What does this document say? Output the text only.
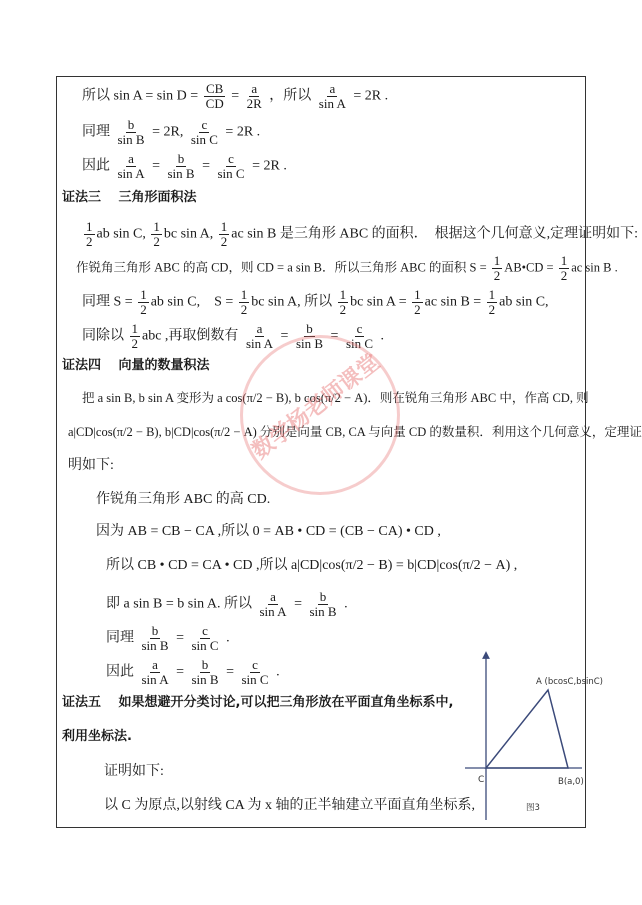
所以 $\sin A = \sin D = \frac{CB}{CD} = \frac{a}{2R}$ ，所以 $\frac{a}{\text{sin A}} = 2R$ .
同理 $\frac{b}{\text{sin B}} = 2R$, $\frac{c}{\text{sin C}} = 2R$ .
因此 $\frac{a}{\text{sin A}} = \frac{b}{\text{sin B}} = \frac{c}{\text{sin C}} = 2R$ .
证法三　 三角形面积法
$\frac{1}{2}$ ab sin C, $\frac{1}{2}$ bc sin A, $\frac{1}{2}$ ac sin B 是三角形 ABC 的面积．　根据这个几何意义,定理证明如下:
作锐角三角形 ABC 的高 CD，则 CD = a sin B．所以三角形 ABC 的面积 $S = \frac{1}{2}$ AB•CD = $\frac{1}{2}$ ac sin B .
同理 $S = \frac{1}{2}$ ab sin C,　$S = \frac{1}{2}$ bc sin A, 所以 $\frac{1}{2}$ bc $\sin A = \frac{1}{2}$ ac $\sin B = \frac{1}{2}$ ab sin C,
同除以 $\frac{1}{2}$ abc ,再取倒数有 $\frac{a}{\text{sin A}} = \frac{b}{\text{sin B}} = \frac{c}{\text{sin C}}$ .
证法四　 向量的数量积法
把 a sin B, b sin A 变形为 a cos(π/2 − B), b cos(π/2 − A)．则在锐角三角形 ABC 中，作高 CD, 则
a|CD|cos(π/2 − B), b|CD|cos(π/2 − A) 分别是向量 CB, CA 与向量 CD 的数量积．利用这个几何意义，定理证
明如下:
作锐角三角形 ABC 的高 CD.
因为 AB = CB − CA ,所以 0 = AB • CD = (CB − CA) • CD ,
所以 CB • CD = CA • CD ,所以 a|CD|cos(π/2 − B) = b|CD|cos(π/2 − A) ,
即 a sin B = b sin A. 所以 $\frac{a}{\text{sin A}} = \frac{b}{\text{sin B}}$ .
同理 $\frac{b}{\text{sin B}} = \frac{c}{\text{sin C}}$ .
因此 $\frac{a}{\text{sin A}} = \frac{b}{\text{sin B}} = \frac{c}{\text{sin C}}$ .
证法五　 如果想避开分类讨论,可以把三角形放在平面直角坐标系中,
利用坐标法.
证明如下:
以 C 为原点,以射线 CA 为 x 轴的正半轴建立平面直角坐标系,
数学杨老师课堂
A (bcosC,bsinC)
C	B(a,0)
图3
